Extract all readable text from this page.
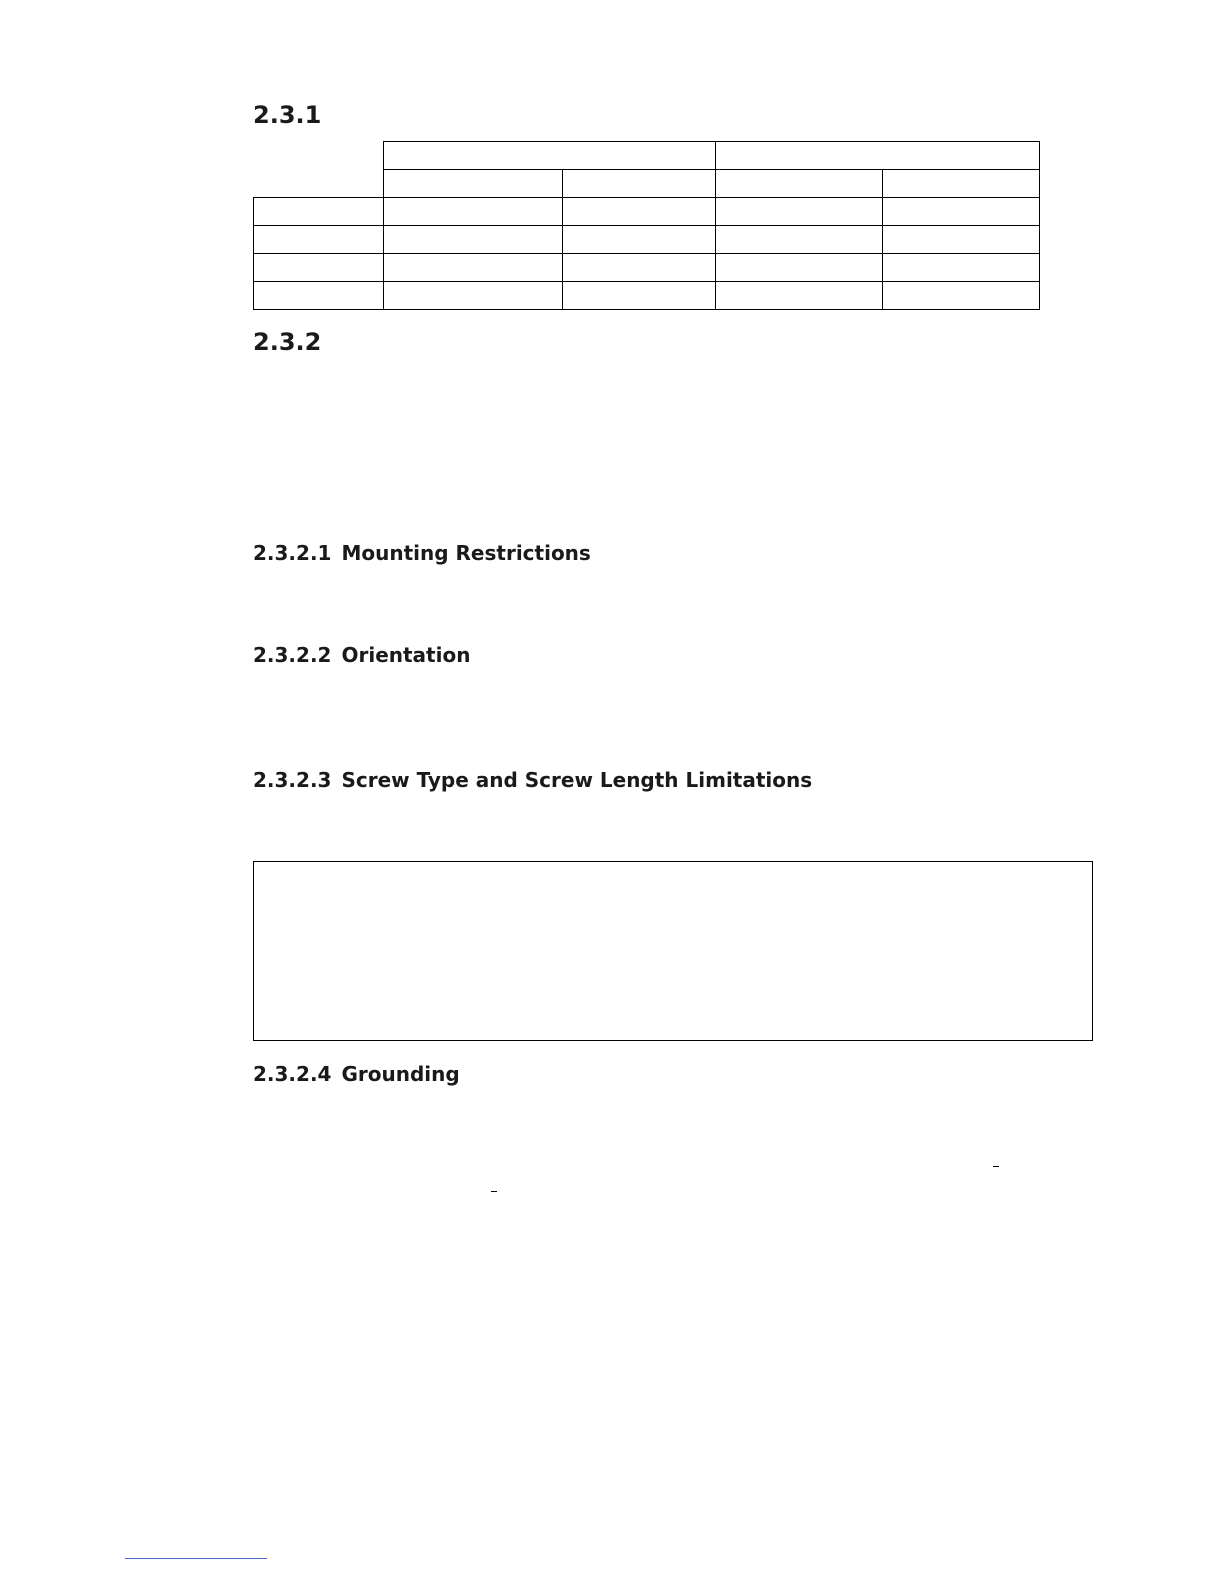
2.3.1

2.3.2
2.3.2.1 Mounting Restrictions
2.3.2.2 Orientation
2.3.2.3 Screw Type and Screw Length Limitations
2.3.2.4 Grounding
